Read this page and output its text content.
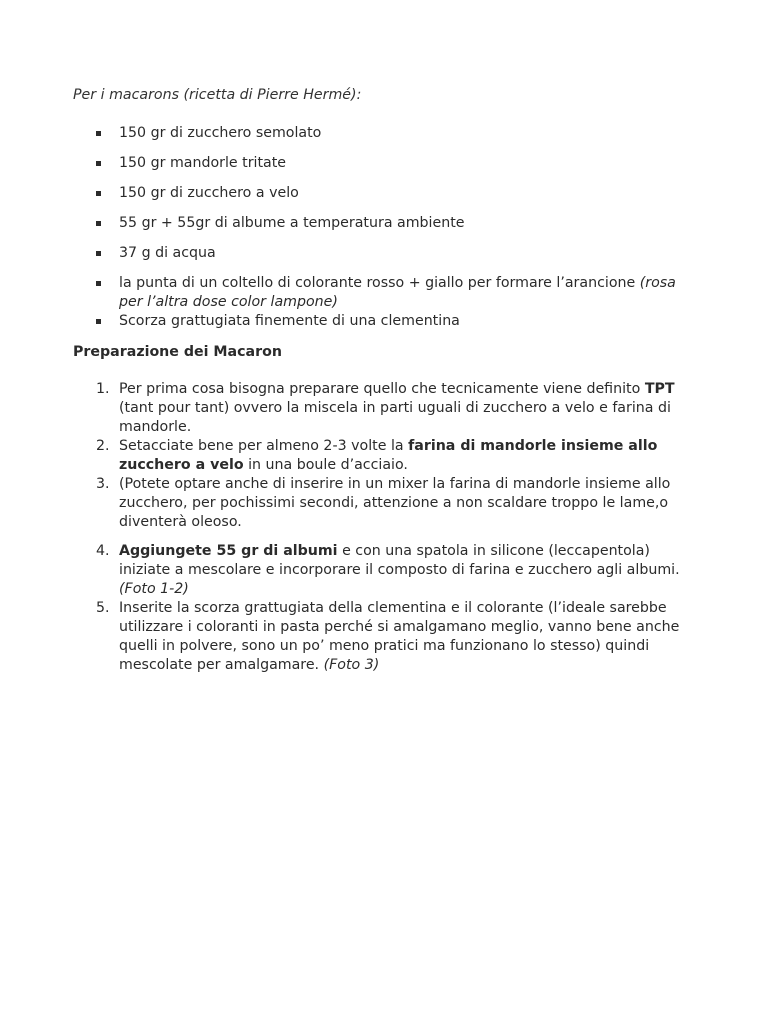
Per i macarons (ricetta di Pierre Hermé):

150 gr di zucchero semolato
150 gr mandorle tritate
150 gr di zucchero a velo
55 gr + 55gr di albume a temperatura ambiente
37 g di acqua
la punta di un coltello di colorante rosso + giallo per formare l’arancione (rosa per l’altra dose color lampone)
Scorza grattugiata finemente di una clementina

Preparazione dei Macaron

1. Per prima cosa bisogna preparare quello che tecnicamente viene definito TPT (tant pour tant) ovvero la miscela in parti uguali di zucchero a velo e farina di mandorle.
2. Setacciate bene per almeno 2-3 volte la farina di mandorle insieme allo zucchero a velo in una boule d’acciaio.
3. (Potete optare anche di inserire in un mixer la farina di mandorle insieme allo zucchero, per pochissimi secondi, attenzione a non scaldare troppo le lame,o diventerà oleoso.
4. Aggiungete 55 gr di albumi e con una spatola in silicone (leccapentola) iniziate a mescolare e incorporare il composto di farina e zucchero agli albumi.(Foto 1-2)
5. Inserite la scorza grattugiata della clementina e il colorante (l’ideale sarebbe utilizzare i coloranti in pasta perché si amalgamano meglio, vanno bene anche quelli in polvere, sono un po’ meno pratici ma funzionano lo stesso) quindi mescolate per amalgamare. (Foto 3)
